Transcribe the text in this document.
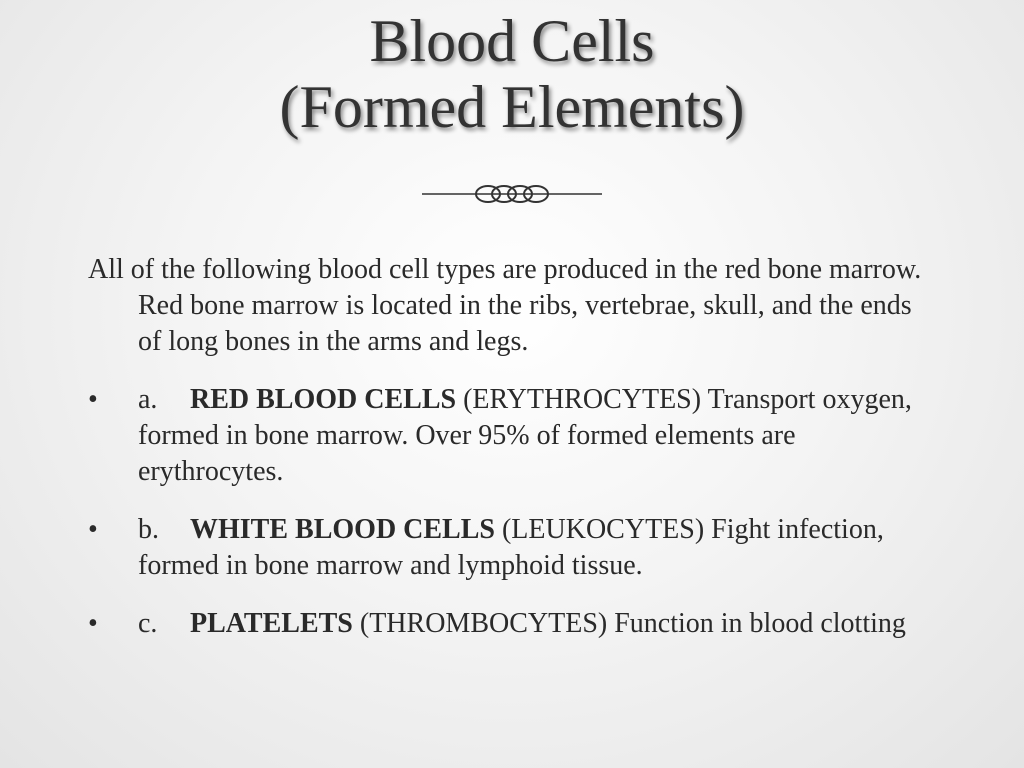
Blood Cells
(Formed Elements)

All of the following blood cell types are produced in the red bone marrow. Red bone marrow is located in the ribs, vertebrae, skull, and the ends of long bones in the arms and legs.

•	a. RED BLOOD CELLS (ERYTHROCYTES) Transport oxygen, formed in bone marrow. Over 95% of formed elements are erythrocytes.
•	b. WHITE BLOOD CELLS (LEUKOCYTES) Fight infection, formed in bone marrow and lymphoid tissue.
•	c. PLATELETS (THROMBOCYTES) Function in blood clotting
